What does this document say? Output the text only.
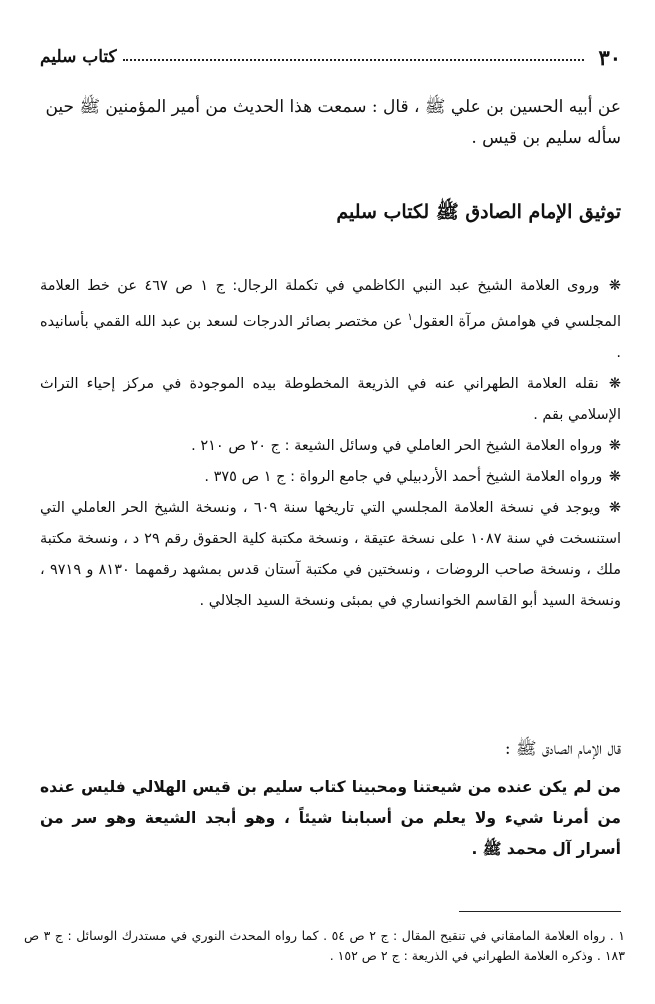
٣٠
كتاب سليم
عن أبيه الحسين بن علي ﷺ ، قال : سمعت هذا الحديث من أمير المؤمنين ﷺ حين
سأله سليم بن قيس .
توثيق الإمام الصادق ﷺ لكتاب سليم

❋ وروى العلامة الشيخ عبد النبي الكاظمي في تكملة الرجال: ج ١ ص ٤٦٧ عن خط العلامة المجلسي في هوامش مرآة العقول$^١$ عن مختصر بصائر الدرجات لسعد بن عبد الله القمي بأسانيده .

❋ نقله العلامة الطهراني عنه في الذريعة المخطوطة بيده الموجودة في مركز إحياء التراث الإسلامي بقم .

❋ ورواه العلامة الشيخ الحر العاملي في وسائل الشيعة : ج ٢٠ ص ٢١٠ .

❋ ورواه العلامة الشيخ أحمد الأردبيلي في جامع الرواة : ج ١ ص ٣٧٥ .

❋ ويوجد في نسخة العلامة المجلسي التي تاريخها سنة ٦٠٩ ، ونسخة الشيخ الحر العاملي التي استنسخت في سنة ١٠٨٧ على نسخة عتيقة ، ونسخة مكتبة كلية الحقوق رقم ٢٩ د ، ونسخة مكتبة ملك ، ونسخة صاحب الروضات ، ونسختين في مكتبة آستان قدس بمشهد رقمهما ٨١٣٠ و ٩٧١٩ ، ونسخة السيد أبو القاسم الخوانساري في بمبئى ونسخة السيد الجلالي .

قال الإمام الصادق ﷺ :
من لم يكن عنده من شيعتنا ومحبينا كتاب سليم بن قيس الهلالي فليس عنده من أمرنا شيء ولا يعلم من أسبابنا شيئاً ، وهو أبجد الشيعة وهو سر من أسرار آل محمد ﷺ .
١ . رواه العلامة المامقاني في تنقيح المقال : ج ٢ ص ٥٤ . كما رواه المحدث النوري في مستدرك الوسائل : ج ٣ ص ١٨٣ . وذكره العلامة الطهراني في الذريعة : ج ٢ ص ١٥٢ .
